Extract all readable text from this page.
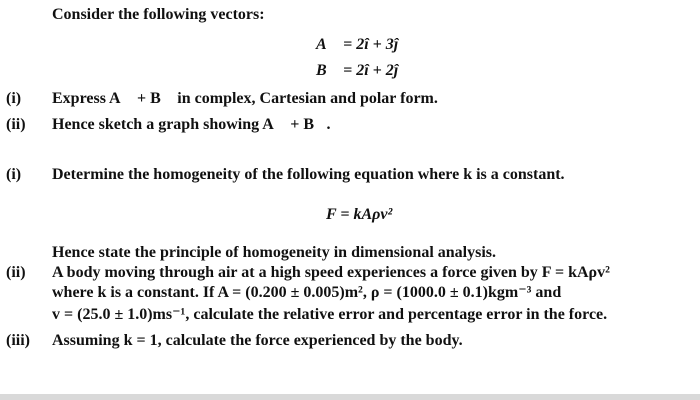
Consider the following vectors:
A⃗ = 2î + 3ĵ
B⃗ = 2î + 2ĵ
(i) Express A⃗ + B⃗ in complex, Cartesian and polar form.
(ii) Hence sketch a graph showing A⃗ + B⃗.
(i) Determine the homogeneity of the following equation where k is a constant.
F = kAρv²
Hence state the principle of homogeneity in dimensional analysis.
(ii) A body moving through air at a high speed experiences a force given by F = kAρv²
where k is a constant. If A = (0.200 ± 0.005)m², ρ = (1000.0 ± 0.1)kgm⁻³ and
v = (25.0 ± 1.0)ms⁻¹, calculate the relative error and percentage error in the force.
(iii) Assuming k = 1, calculate the force experienced by the body.
